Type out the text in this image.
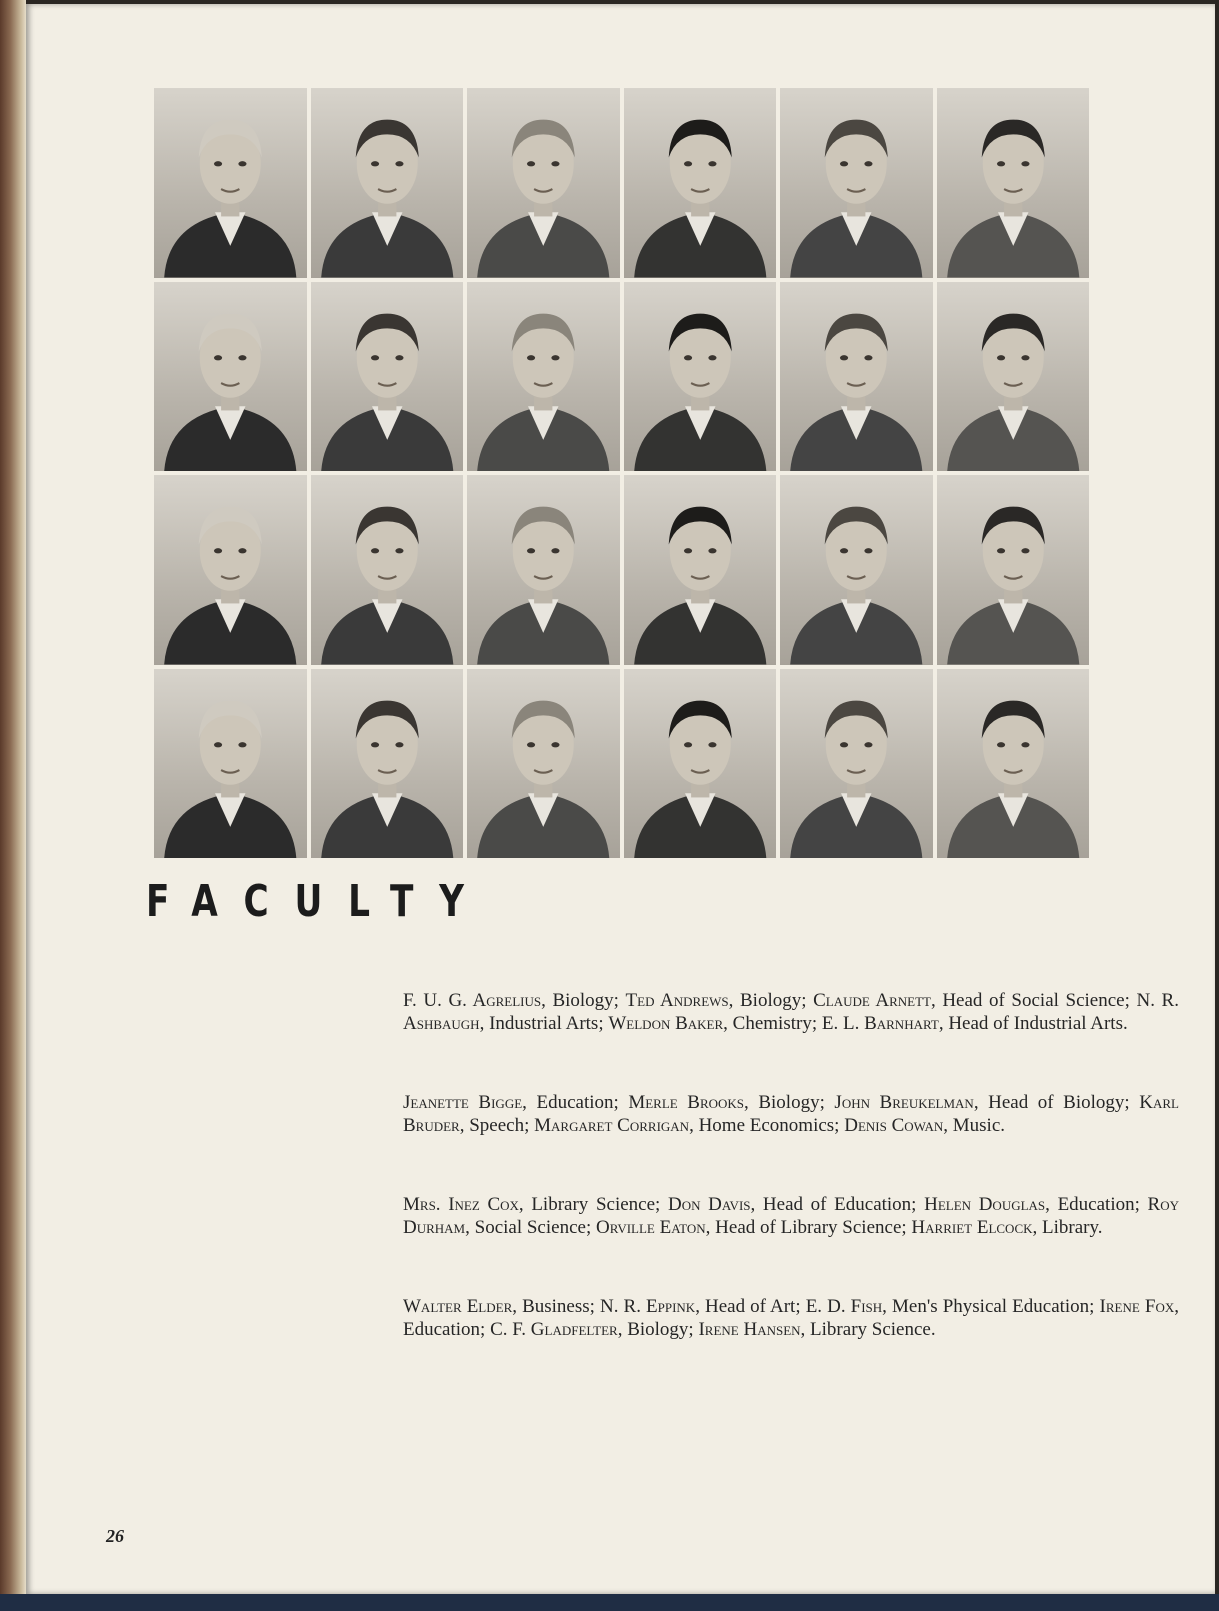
FACULTY

F. U. G. Agrelius, Biology; Ted Andrews, Biology; Claude Arnett, Head of Social Science; N. R. Ashbaugh, Industrial Arts; Weldon Baker, Chemistry; E. L. Barnhart, Head of Industrial Arts.

Jeanette Bigge, Education; Merle Brooks, Biology; John Breukelman, Head of Biology; Karl Bruder, Speech; Margaret Corrigan, Home Economics; Denis Cowan, Music.

Mrs. Inez Cox, Library Science; Don Davis, Head of Education; Helen Douglas, Education; Roy Durham, Social Science; Orville Eaton, Head of Library Science; Harriet Elcock, Library.

Walter Elder, Business; N. R. Eppink, Head of Art; E. D. Fish, Men's Physical Education; Irene Fox, Education; C. F. Gladfelter, Biology; Irene Hansen, Library Science.

26
